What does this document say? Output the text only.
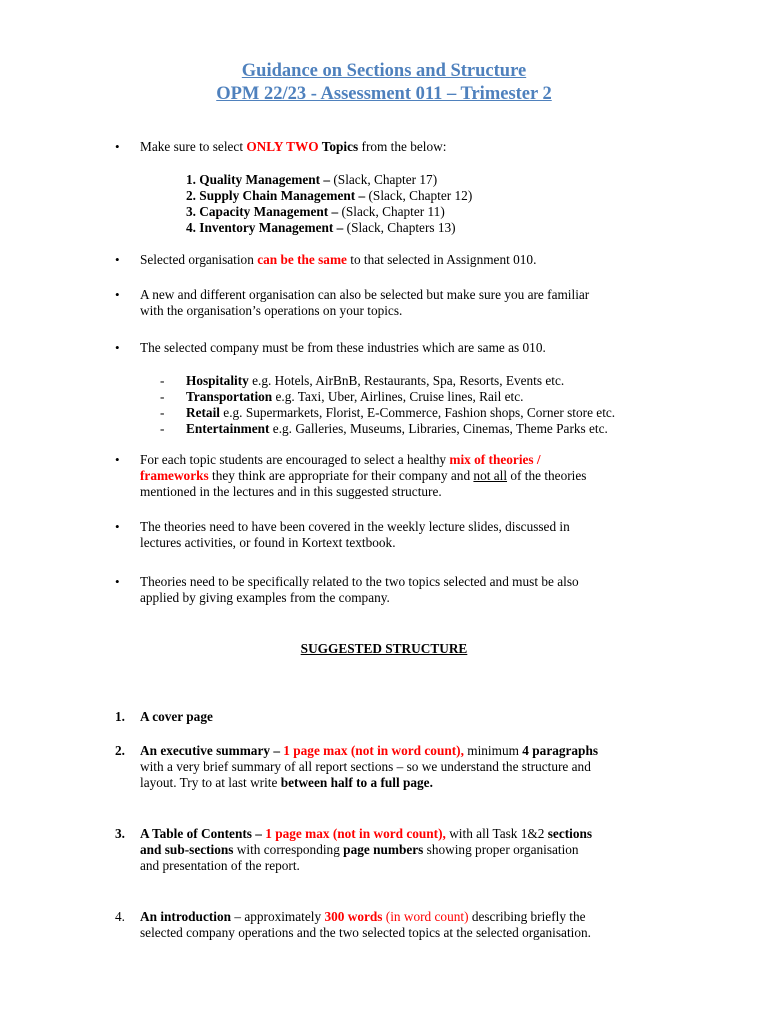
Guidance on Sections and Structure
OPM 22/23 - Assessment 011 – Trimester 2
• Make sure to select ONLY TWO Topics from the below:
1. Quality Management – (Slack, Chapter 17)
2. Supply Chain Management – (Slack, Chapter 12)
3. Capacity Management – (Slack, Chapter 11)
4. Inventory Management – (Slack, Chapters 13)
• Selected organisation can be the same to that selected in Assignment 010.
• A new and different organisation can also be selected but make sure you are familiar
with the organisation’s operations on your topics.
• The selected company must be from these industries which are same as 010.
- Hospitality e.g. Hotels, AirBnB, Restaurants, Spa, Resorts, Events etc.
- Transportation e.g. Taxi, Uber, Airlines, Cruise lines, Rail etc.
- Retail e.g. Supermarkets, Florist, E-Commerce, Fashion shops, Corner store etc.
- Entertainment e.g. Galleries, Museums, Libraries, Cinemas, Theme Parks etc.
• For each topic students are encouraged to select a healthy mix of theories /
frameworks they think are appropriate for their company and not all of the theories
mentioned in the lectures and in this suggested structure.
• The theories need to have been covered in the weekly lecture slides, discussed in
lectures activities, or found in Kortext textbook.
• Theories need to be specifically related to the two topics selected and must be also
applied by giving examples from the company.
SUGGESTED STRUCTURE
1. A cover page
2. An executive summary – 1 page max (not in word count), minimum 4 paragraphs
with a very brief summary of all report sections – so we understand the structure and
layout. Try to at last write between half to a full page.
3. A Table of Contents – 1 page max (not in word count), with all Task 1&2 sections
and sub-sections with corresponding page numbers showing proper organisation
and presentation of the report.
4. An introduction – approximately 300 words (in word count) describing briefly the
selected company operations and the two selected topics at the selected organisation.
